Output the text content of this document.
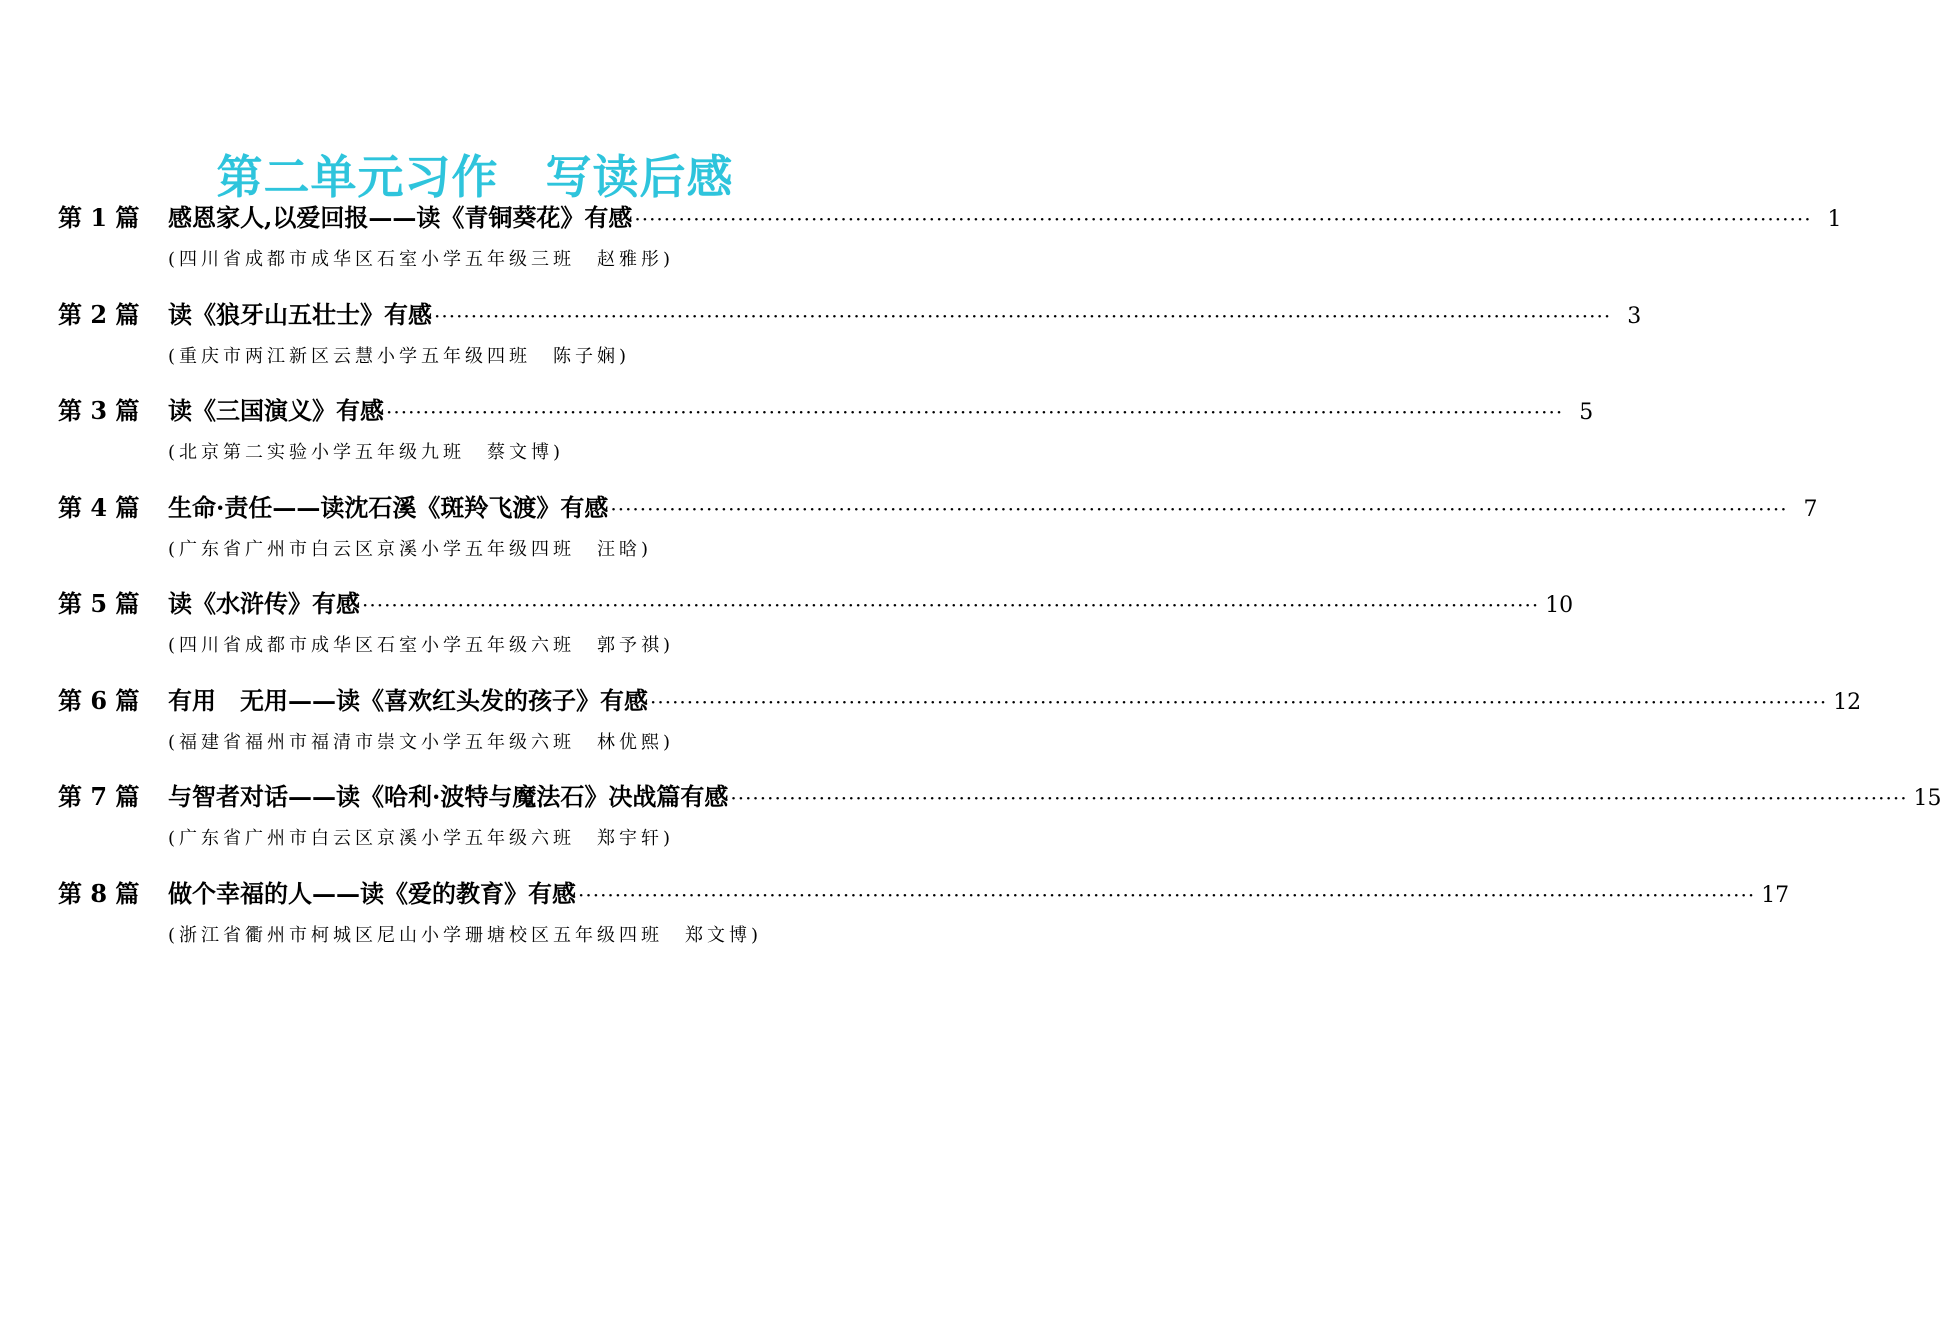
第二单元习作　写读后感
第 1 篇	感恩家人,以爱回报——读《青铜葵花》有感 ································································································································································ 1
(四川省成都市成华区石室小学五年级三班　赵雅彤)
第 2 篇	读《狼牙山五壮士》有感 ································································································································································ 3
(重庆市两江新区云慧小学五年级四班　陈子娴)
第 3 篇	读《三国演义》有感 ································································································································································ 5
(北京第二实验小学五年级九班　蔡文博)
第 4 篇	生命·责任——读沈石溪《斑羚飞渡》有感 ································································································································································ 7
(广东省广州市白云区京溪小学五年级四班　汪晗)
第 5 篇	读《水浒传》有感 ································································································································································ 10
(四川省成都市成华区石室小学五年级六班　郭予祺)
第 6 篇	有用　无用——读《喜欢红头发的孩子》有感 ································································································································································ 12
(福建省福州市福清市崇文小学五年级六班　林优熙)
第 7 篇	与智者对话——读《哈利·波特与魔法石》决战篇有感 ································································································································································ 15
(广东省广州市白云区京溪小学五年级六班　郑宇轩)
第 8 篇	做个幸福的人——读《爱的教育》有感 ································································································································································ 17
(浙江省衢州市柯城区尼山小学珊塘校区五年级四班　郑文博)
